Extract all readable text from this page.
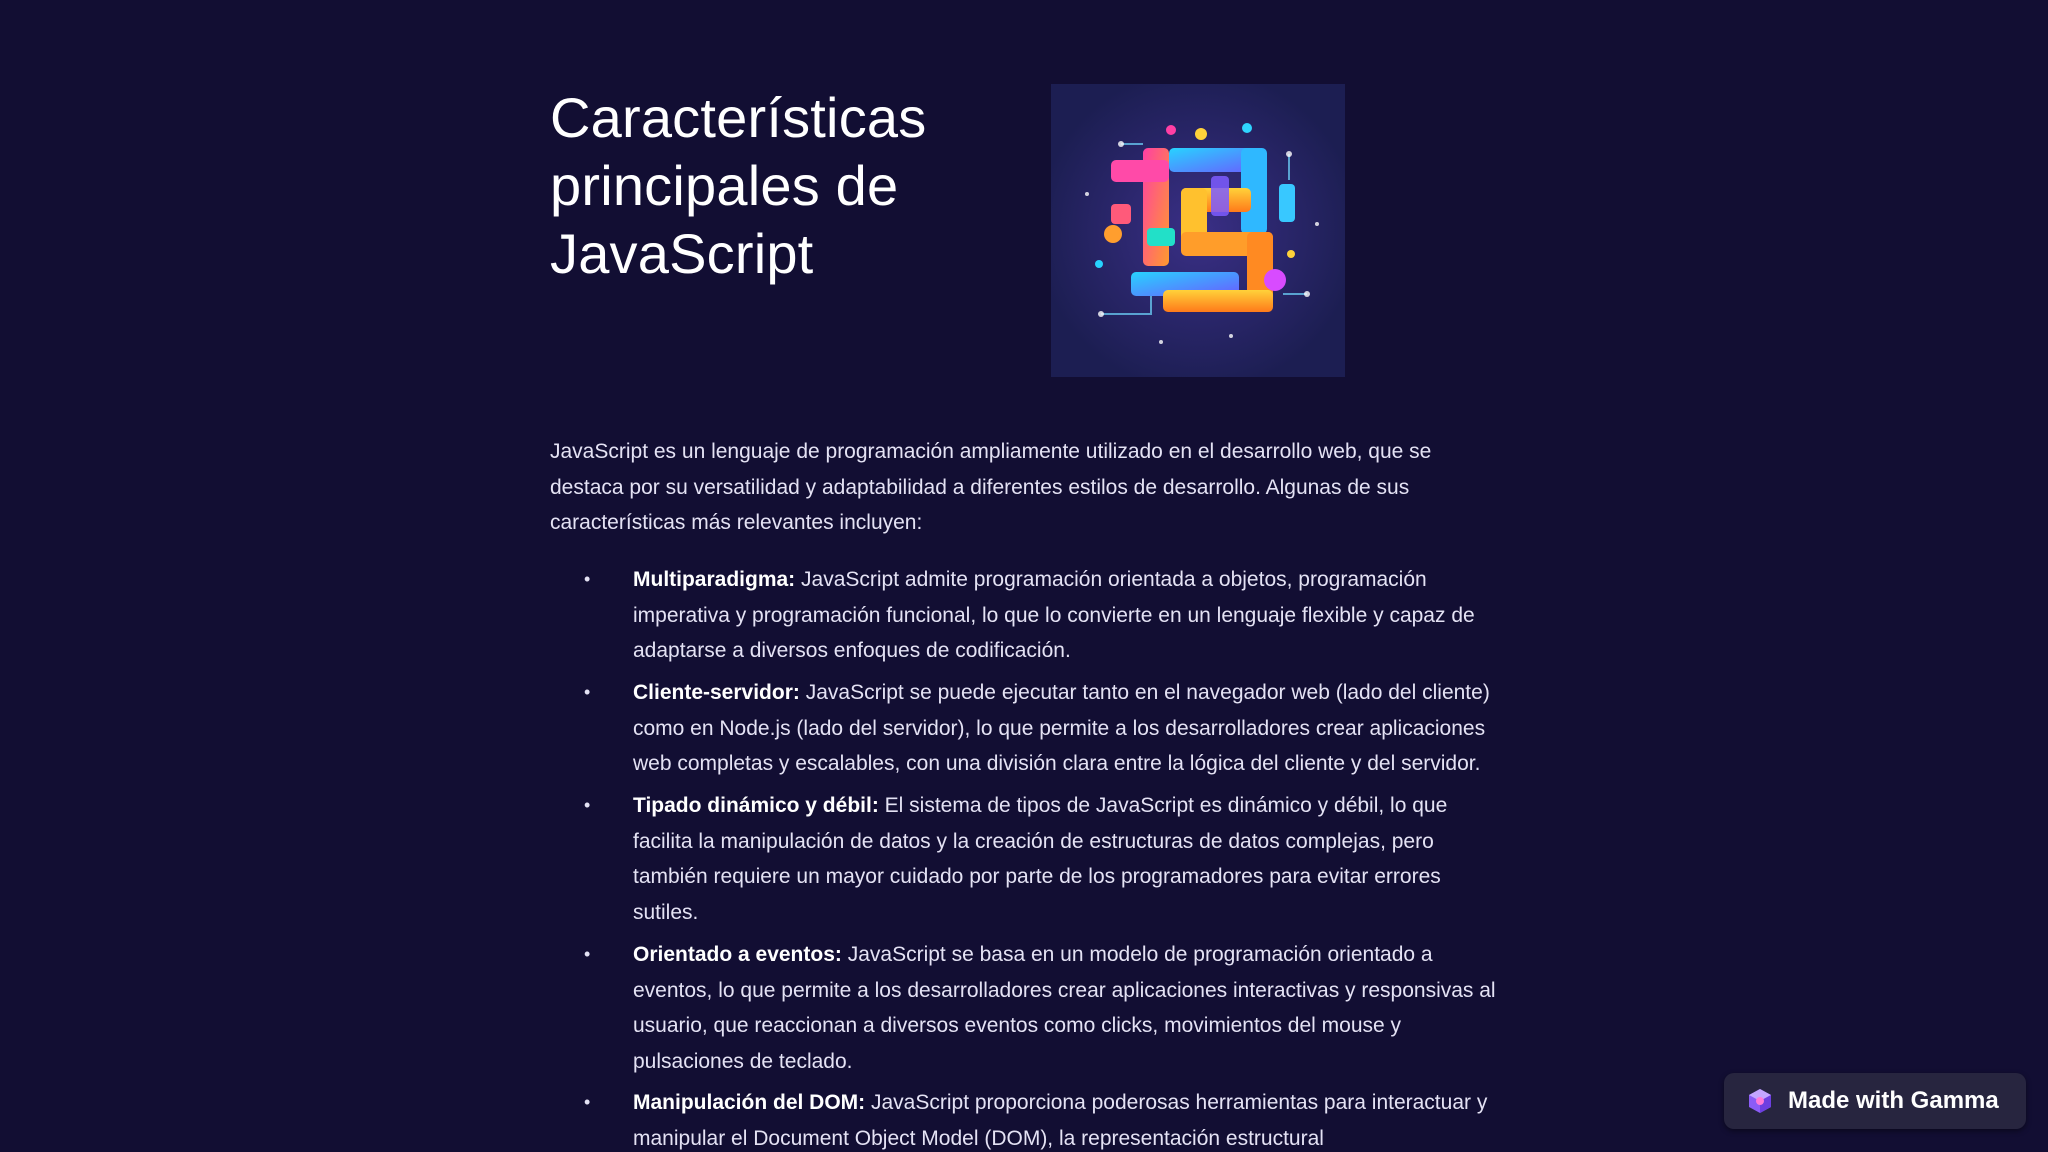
Características
principales de
JavaScript

JavaScript es un lenguaje de programación ampliamente utilizado en el desarrollo web, que se destaca por su versatilidad y adaptabilidad a diferentes estilos de desarrollo. Algunas de sus características más relevantes incluyen:

• Multiparadigma: JavaScript admite programación orientada a objetos, programación imperativa y programación funcional, lo que lo convierte en un lenguaje flexible y capaz de adaptarse a diversos enfoques de codificación.
• Cliente-servidor: JavaScript se puede ejecutar tanto en el navegador web (lado del cliente) como en Node.js (lado del servidor), lo que permite a los desarrolladores crear aplicaciones web completas y escalables, con una división clara entre la lógica del cliente y del servidor.
• Tipado dinámico y débil: El sistema de tipos de JavaScript es dinámico y débil, lo que facilita la manipulación de datos y la creación de estructuras de datos complejas, pero también requiere un mayor cuidado por parte de los programadores para evitar errores sutiles.
• Orientado a eventos: JavaScript se basa en un modelo de programación orientado a eventos, lo que permite a los desarrolladores crear aplicaciones interactivas y responsivas al usuario, que reaccionan a diversos eventos como clicks, movimientos del mouse y pulsaciones de teclado.
• Manipulación del DOM: JavaScript proporciona poderosas herramientas para interactuar y manipular el Document Object Model (DOM), la representación estructural
Made with Gamma
